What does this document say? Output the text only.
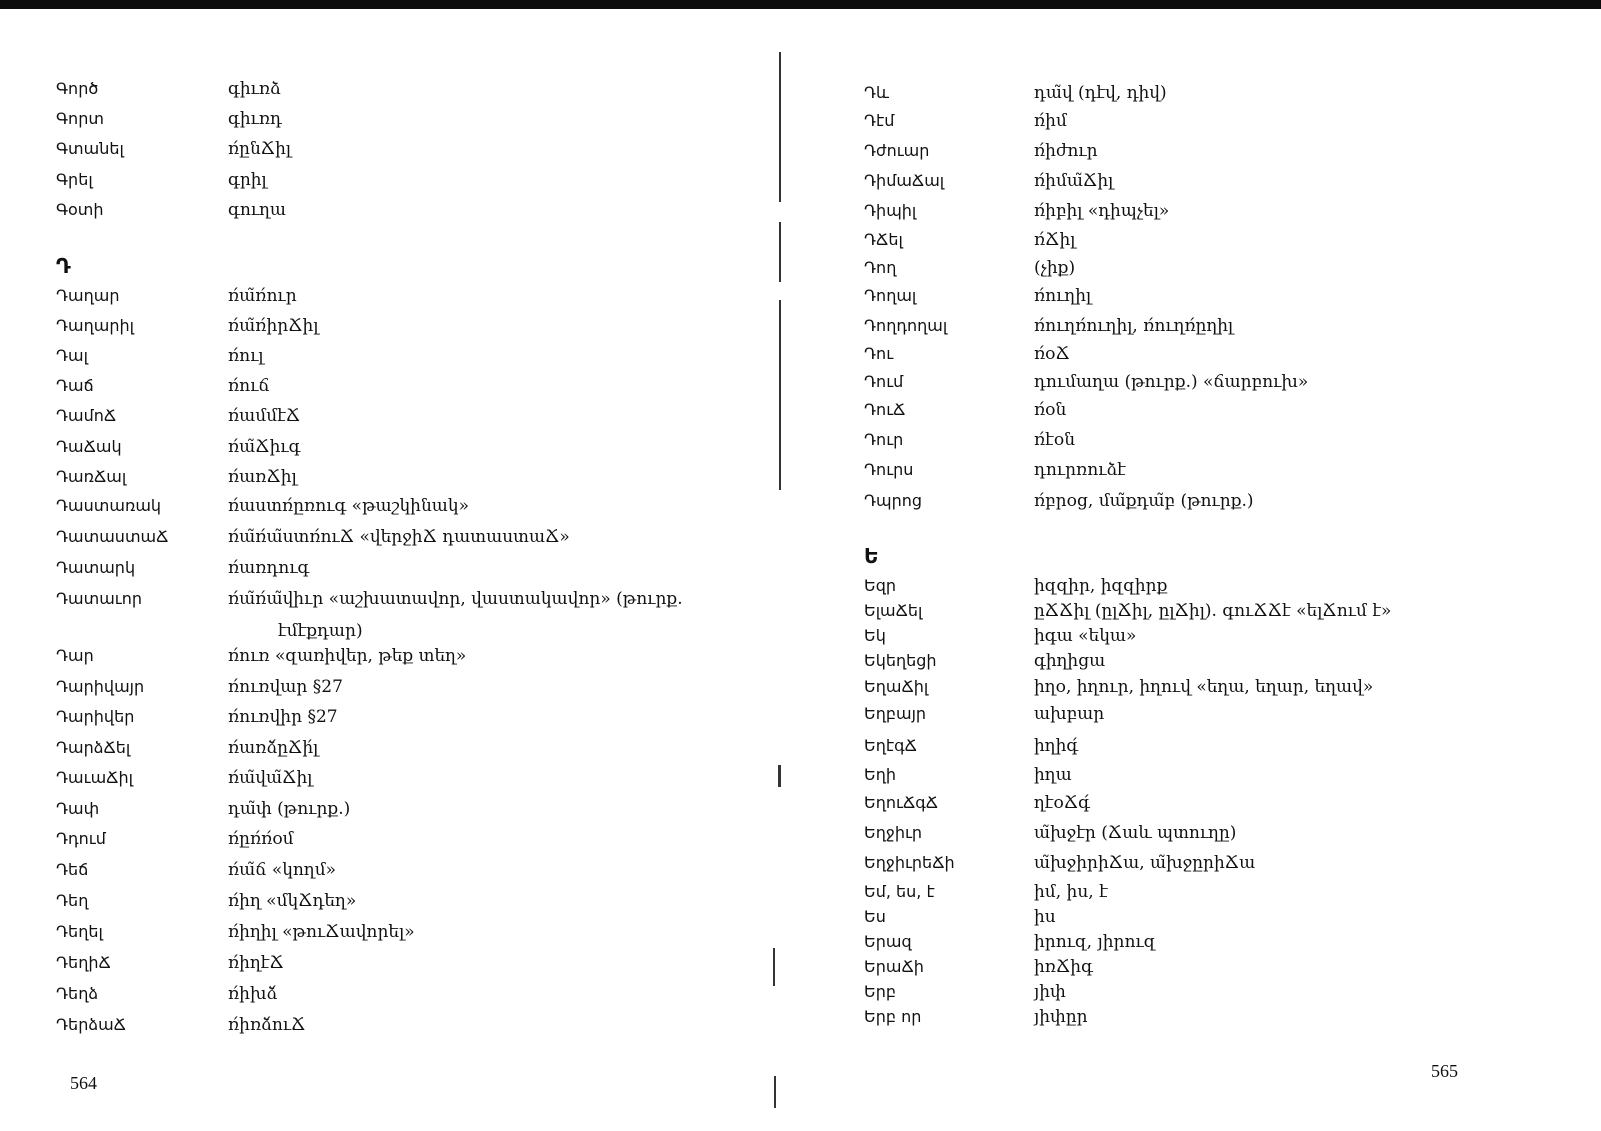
Գործ	գիւռձ
Գորտ	գիւռդ
Գտանել	ռ́ընՃիլ
Գրել	գրիլ
Գօտի	գուղա
Դ
Դաղար	ռ́ա̃ռ́ուր
Դաղարիլ	ռ́ա̃ռ́իրՃիլ
Դալ	ռ́ուլ
Դաճ	ռ́ուճ
ԴամոՃ	ռ́ամմէՃ
ԴաՃակ	ռ́ա̃Ճիւգ
ԴառՃալ	ռ́առՃիլ
Դաստառակ	ռ́աստռ́ըռուգ «թաշկինակ»
ԴատաստաՃ	ռ́ա̃ռ́ա̃ստռ́ուՃ «վերջիՃ դատաստաՃ»
Դատարկ	ռ́առդուգ
Դատաւոր	ռ́ա̃ռ́ա̃վիւր «աշխատավոր, վաստակավոր» (թուրք.
էմէքդար)
Դար	ռ́ուռ «զառիվեր, թեք տեղ»
Դարիվայր	ռ́ուռվար §27
Դարիվեր	ռ́ուռվիր §27
ԴարձՃել	ռ́առձ́ըՃի́լ
ԴաւաՃիլ	ռ́ա̃վա̃Ճիլ
Դափ	դա̃փ (թուրք.)
Դդում	ռ́ըռ́ռ́օմ
Դեճ	ռ́ա̃ճ «կողմ»
Դեղ	ռ́իղ «մկՃդեղ»
Դեղել	ռ́իղիլ «թուՃավորել»
ԴեղիՃ	ռ́իղէՃ
Դեղձ	ռ́իխձ́
ԴերձաՃ	ռ́իռձ́ուՃ
564
Դև	դա̃վ (դէվ, դիվ)
Դէմ	ռ́իմ
Դժուար	ռ́իժուր
ԴիմաՃալ	ռ́իմա̃Ճիլ
Դիպիլ	ռ́իբիլ «դիպչել»
ԴՃել	ռ́Ճիլ
Դող	(չիք)
Դողալ	ռ́ուղիլ
Դողդողալ	ռ́ուղռ́ուղիլ, ռ́ուղռ́ըղիլ
Դու	ռ́օՃ
Դում	դումաղա (թուրք.) «ճարբուխ»
ԴուՃ	ռ́օն
Դուր	ռ́էօն
Դուրս	դուրռուձէ
Դպրոց	ռ́բրօց, մա̃քդա̃բ (թուրք.)
Ե
Եզր	իզզիր, իզզիրք
ԵլաՃել	ըՃՃիլ (ըլՃիլ, ըլՃիլ). գուՃՃէ «ելՃում է»
Եկ	իգա «եկա»
Եկեղեցի	գիղիցա
ԵղաՃիլ	իղօ, իղուր, իղուվ «եղա, եղար, եղավ»
Եղբայր	ախբար
ԵղէգՃ	իղիգ́
Եղի	իղա
ԵղուՃգՃ	ղէօՃգ́
Եղջիւր	ա̃խջէր (Ճաև պտուղը)
ԵղջիւրեՃի	ա̃խջիրիՃա, ա̃խջըրիՃա
Եմ, ես, է	իմ, իս, է
Ես	իս
Երազ	իրուզ, յիրուզ
ԵրաՃի	իռՃիգ
Երբ	յիփ
Երբ որ	յիփըր
565
